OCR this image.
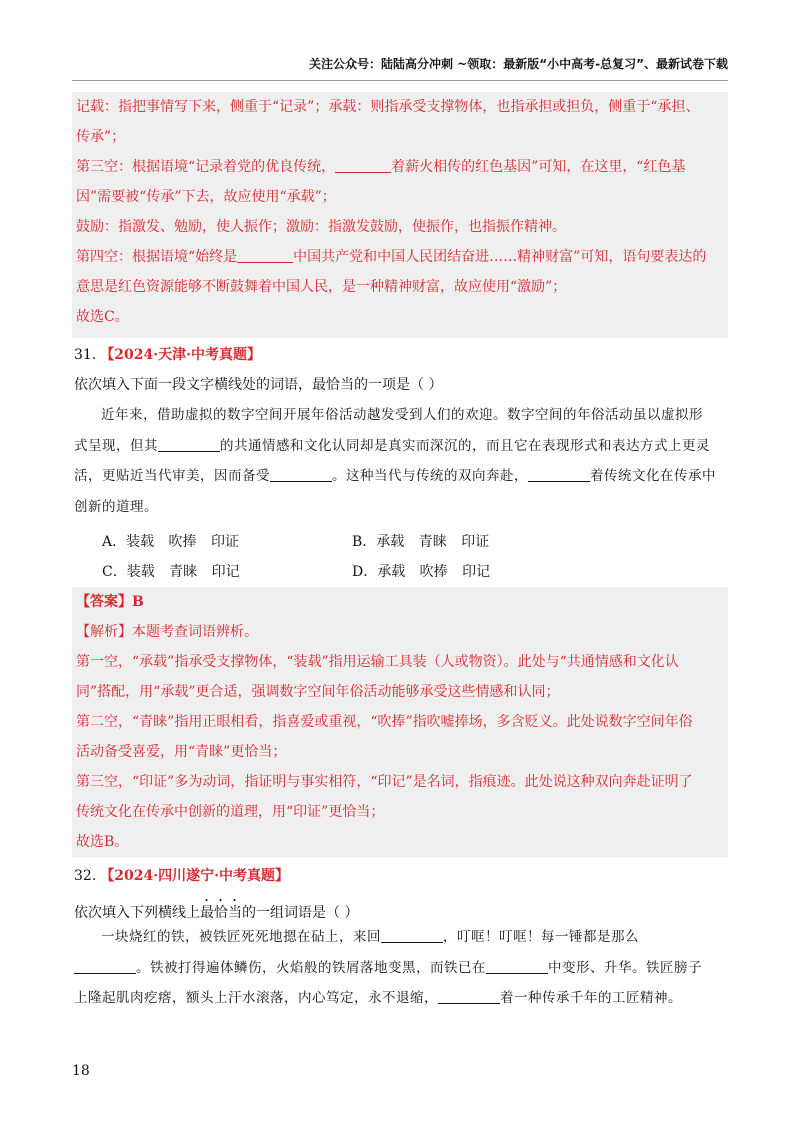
关注公众号：陆陆高分冲刺 ~领取：最新版“小中高考-总复习”、最新试卷下载

记载：指把事情写下来，侧重于“记录”；承载：则指承受支撑物体，也指承担或担负，侧重于“承担、

传承”；

第三空：根据语境“记录着党的优良传统，	着薪火相传的红色基因”可知，在这里，“红色基

因”需要被“传承”下去，故应使用“承载”；

鼓励：指激发、勉励，使人振作；激励：指激发鼓励，使振作，也指振作精神。

第四空：根据语境“始终是	中国共产党和中国人民团结奋进……精神财富”可知，语句要表达的

意思是红色资源能够不断鼓舞着中国人民，是一种精神财富，故应使用“激励”；

故选C。

31. 【2024·天津·中考真题】
依次填入下面一段文字横线处的词语，最恰当的一项是（ ）

近年来，借助虚拟的数字空间开展年俗活动越发受到人们的欢迎。数字空间的年俗活动虽以虚拟形

式呈现，但其	的共通情感和文化认同却是真实而深沉的，而且它在表现形式和表达方式上更灵

活，更贴近当代审美，因而备受	。这种当代与传统的双向奔赴，	着传统文化在传承中

创新的道理。

A．装载 吹捧 印证	B．承载 青睐 印证
C．装载 青睐 印记	D．承载 吹捧 印记

【答案】B

【解析】本题考查词语辨析。

第一空，“承载”指承受支撑物体，“装载”指用运输工具装（人或物资）。此处与“共通情感和文化认

同”搭配，用“承载”更合适，强调数字空间年俗活动能够承受这些情感和认同；

第二空，“青睐”指用正眼相看，指喜爱或重视，“吹捧”指吹嘘捧场，多含贬义。此处说数字空间年俗

活动备受喜爱，用“青睐”更恰当；

第三空，“印证”多为动词，指证明与事实相符，“印记”是名词，指痕迹。此处说这种双向奔赴证明了

传统文化在传承中创新的道理，用“印证”更恰当；

故选B。

32. 【2024·四川遂宁·中考真题】
依次填入下列横线上最恰当的一组词语是（ ）

一块烧红的铁，被铁匠死死地摁在砧上，来回	，叮哐！叮哐！每一锤都是那么

。铁被打得遍体鳞伤，火焰般的铁屑落地变黑，而铁已在	中变形、升华。铁匠膀子

上隆起肌肉疙瘩，额头上汗水滚落，内心笃定，永不退缩，	着一种传承千年的工匠精神。

18
